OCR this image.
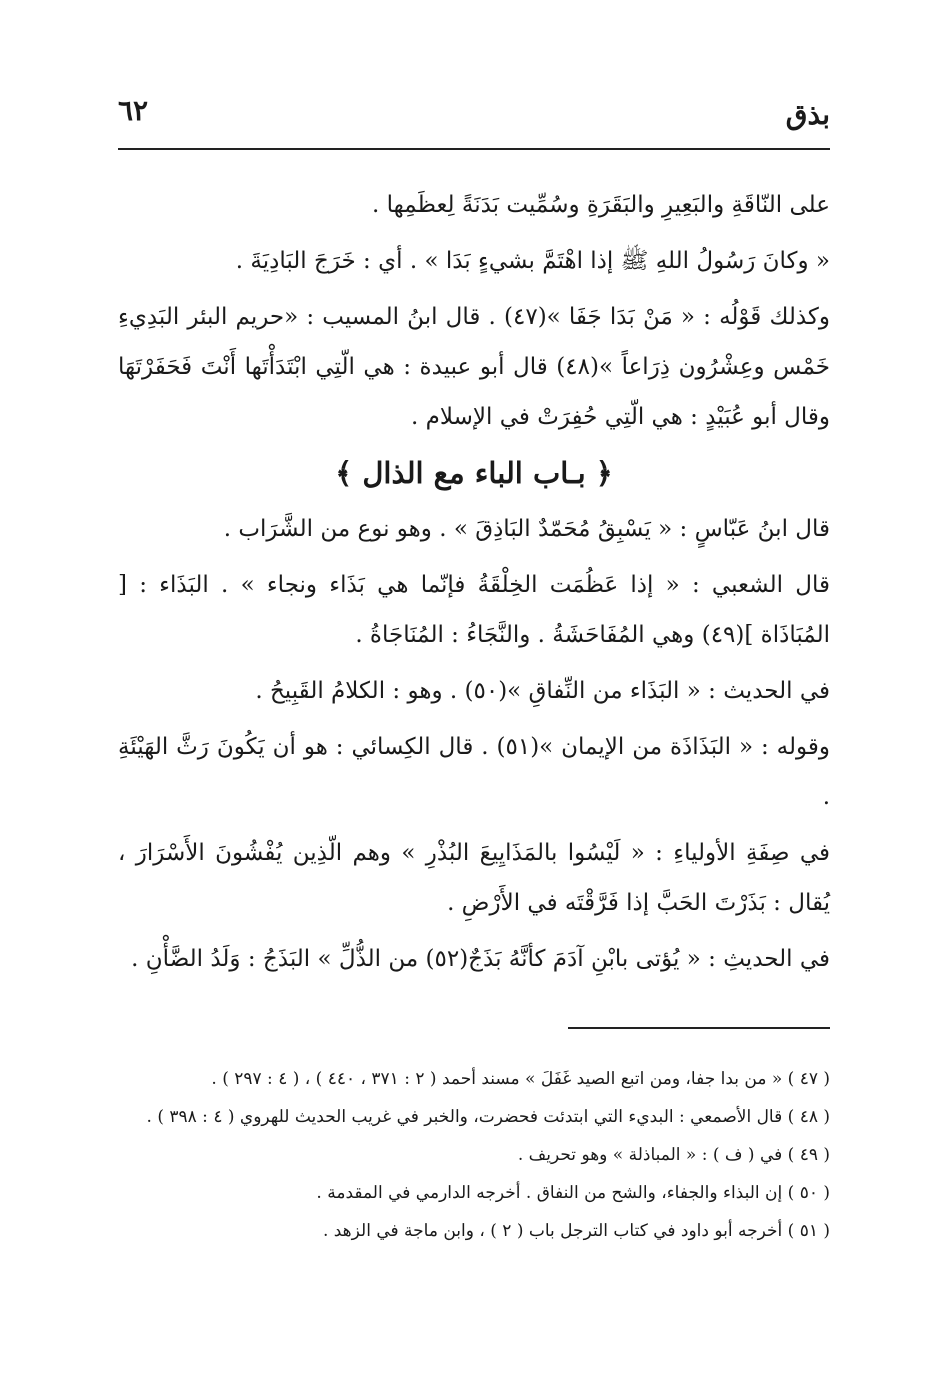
٦٢	بذق

على النّاقَةِ والبَعِيرِ والبَقَرَةِ وسُمِّيت بَدَنَةً لِعظَمِها .

« وكانَ رَسُولُ اللهِ ﷺ إذا اهْتَمَّ بشيءٍ بَدَا » . أي : خَرَجَ البَادِيَةَ .

وكذلك قَوْلُه : « مَنْ بَدَا جَفَا »(٤٧) . قال ابنُ المسيب : «حريم البئر البَدِيءِ خَمْس وعِشْرُون ذِرَاعاً »(٤٨) قال أبو عبيدة : هي الّتِي ابْتَدَأْتَها أَنْتَ فَحَفَرْتَهَا وقال أبو عُبَيْدٍ : هي الّتِي حُفِرَتْ في الإسلام .

﴿ بـاب الباء مع الذال ﴾

قال ابنُ عَبّاسٍ : « يَسْبِقُ مُحَمّدٌ البَاذِقَ » . وهو نوع من الشَّرَاب .

قال الشعبي : « إذا عَظُمَت الخِلْقَةُ فإنّما هي بَذَاء ونجاء » . البَذَاء : [ المُبَاذَاة ](٤٩) وهي المُفَاحَشَةُ . والنَّجَاءُ : المُنَاجَاةُ .

في الحديث : « البَذَاء من النِّفاقِ »(٥٠) . وهو : الكلامُ القَبِيحُ .

وقوله : « البَذَاذَة من الإيمان »(٥١) . قال الكِسائي : هو أن يَكُونَ رَثَّ الهَيْئَةِ .

في صِفَةِ الأولياءِ : « لَيْسُوا بالمَذَايِيعَ البُذْرِ » وهم الّذِين يُفْشُونَ الأَسْرَارَ ، يُقال : بَذَرْتَ الحَبَّ إذا فَرَّقْتَه في الأَرْضِ .

في الحديثِ : « يُؤتى بابْنِ آدَمَ كأنَّهُ بَذَجٌ(٥٢) من الذُّلِّ » البَذَجُ : وَلَدُ الضَّأْنِ .

( ٤٧ ) « من بدا جفا، ومن اتبع الصيد غَفَلَ » مسند أحمد ( ٢ : ٣٧١ ، ٤٤٠ ) ، ( ٤ : ٢٩٧ ) .

( ٤٨ ) قال الأصمعي : البديء التي ابتدئت فحضرت، والخبر في غريب الحديث للهروي ( ٤ : ٣٩٨ ) .

( ٤٩ ) في ( ف ) : « المباذلة » وهو تحريف .

( ٥٠ ) إن البذاء والجفاء، والشح من النفاق . أخرجه الدارمي في المقدمة .

( ٥١ ) أخرجه أبو داود في كتاب الترجل باب ( ٢ ) ، وابن ماجة في الزهد .
